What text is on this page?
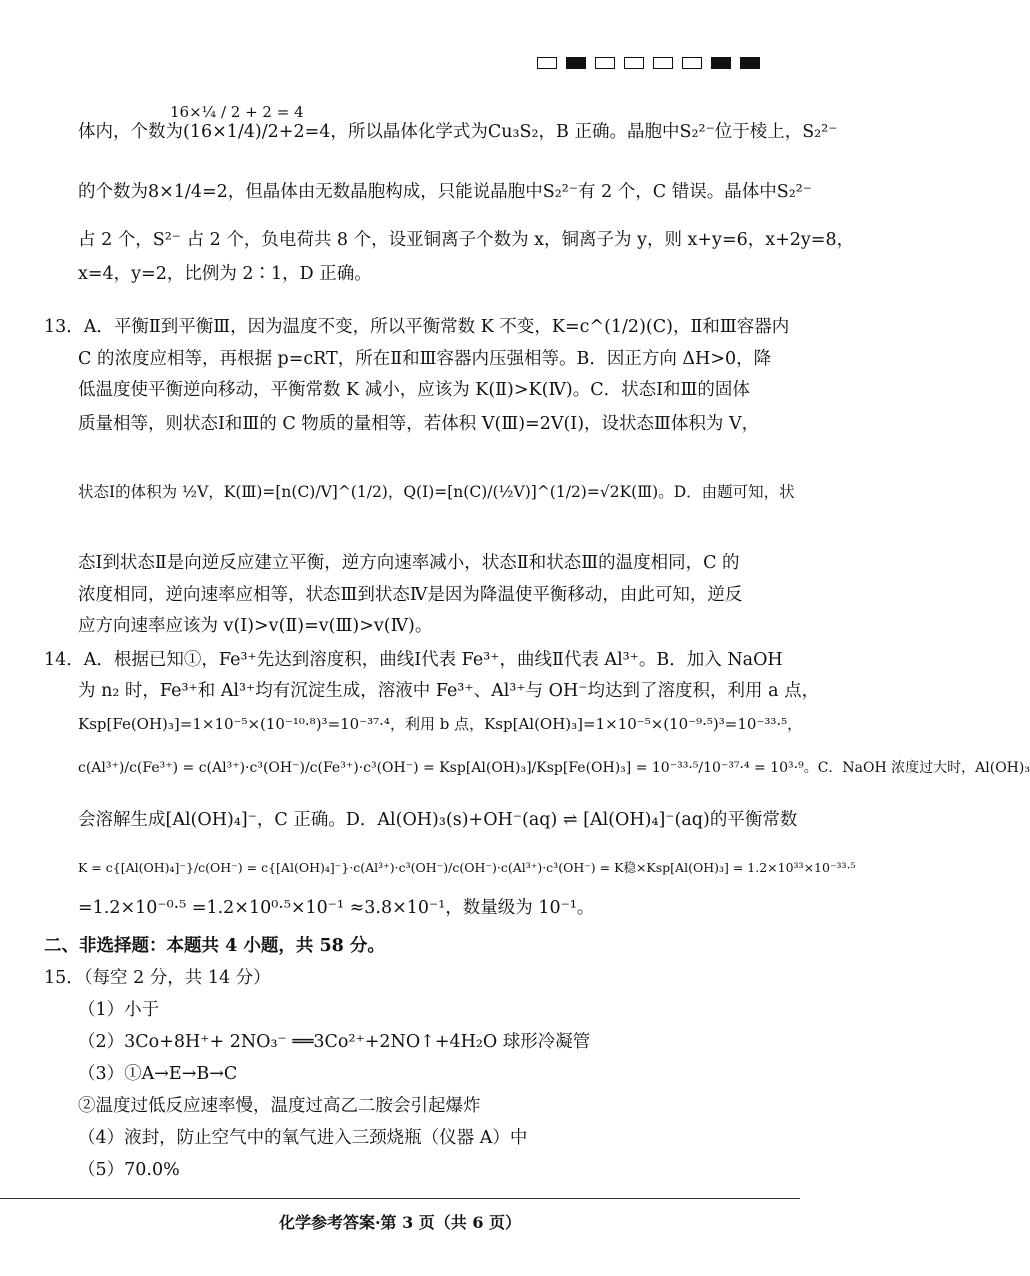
16×¼ / 2 + 2 = 4
体内，个数为(16×1/4)/2+2=4，所以晶体化学式为Cu₃S₂，B 正确。晶胞中S₂²⁻位于棱上，S₂²⁻
的个数为8×1/4=2，但晶体由无数晶胞构成，只能说晶胞中S₂²⁻有 2 个，C 错误。晶体中S₂²⁻
占 2 个，S²⁻ 占 2 个，负电荷共 8 个，设亚铜离子个数为 x，铜离子为 y，则 x+y=6，x+2y=8，
x=4，y=2，比例为 2∶1，D 正确。
13．A．平衡Ⅱ到平衡Ⅲ，因为温度不变，所以平衡常数 K 不变，K=c^(1/2)(C)，Ⅱ和Ⅲ容器内
C 的浓度应相等，再根据 p=cRT，所在Ⅱ和Ⅲ容器内压强相等。B．因正方向 ΔH>0，降
低温度使平衡逆向移动，平衡常数 K 减小，应该为 K(Ⅱ)>K(Ⅳ)。C．状态Ⅰ和Ⅲ的固体
质量相等，则状态Ⅰ和Ⅲ的 C 物质的量相等，若体积 V(Ⅲ)=2V(Ⅰ)，设状态Ⅲ体积为 V，
状态Ⅰ的体积为 ½V，K(Ⅲ)=[n(C)/V]^(1/2)，Q(Ⅰ)=[n(C)/(½V)]^(1/2)=√2K(Ⅲ)。D．由题可知，状
态Ⅰ到状态Ⅱ是向逆反应建立平衡，逆方向速率减小，状态Ⅱ和状态Ⅲ的温度相同，C 的
浓度相同，逆向速率应相等，状态Ⅲ到状态Ⅳ是因为降温使平衡移动，由此可知，逆反
应方向速率应该为 v(Ⅰ)>v(Ⅱ)=v(Ⅲ)>v(Ⅳ)。
14．A．根据已知①，Fe³⁺先达到溶度积，曲线Ⅰ代表 Fe³⁺，曲线Ⅱ代表 Al³⁺。B．加入 NaOH
为 n₂ 时，Fe³⁺和 Al³⁺均有沉淀生成，溶液中 Fe³⁺、Al³⁺与 OH⁻均达到了溶度积，利用 a 点，
Ksp[Fe(OH)₃]=1×10⁻⁵×(10⁻¹⁰·⁸)³=10⁻³⁷·⁴，利用 b 点，Ksp[Al(OH)₃]=1×10⁻⁵×(10⁻⁹·⁵)³=10⁻³³·⁵，
c(Al³⁺)/c(Fe³⁺) = c(Al³⁺)·c³(OH⁻)/c(Fe³⁺)·c³(OH⁻) = Ksp[Al(OH)₃]/Ksp[Fe(OH)₃] = 10⁻³³·⁵/10⁻³⁷·⁴ = 10³·⁹。C．NaOH 浓度过大时，Al(OH)₃
会溶解生成[Al(OH)₄]⁻，C 正确。D．Al(OH)₃(s)+OH⁻(aq) ⇌ [Al(OH)₄]⁻(aq)的平衡常数
K = c{[Al(OH)₄]⁻}/c(OH⁻) = c{[Al(OH)₄]⁻}·c(Al³⁺)·c³(OH⁻)/c(OH⁻)·c(Al³⁺)·c³(OH⁻) = K稳×Ksp[Al(OH)₃] = 1.2×10³³×10⁻³³·⁵
=1.2×10⁻⁰·⁵ =1.2×10⁰·⁵×10⁻¹ ≈3.8×10⁻¹，数量级为 10⁻¹。
二、非选择题：本题共 4 小题，共 58 分。
15．（每空 2 分，共 14 分）
（1）小于
（2）3Co+8H⁺+ 2NO₃⁻ ══3Co²⁺+2NO↑+4H₂O 球形冷凝管
（3）①A→E→B→C
②温度过低反应速率慢，温度过高乙二胺会引起爆炸
（4）液封，防止空气中的氧气进入三颈烧瓶（仪器 A）中
（5）70.0%
化学参考答案·第 3 页（共 6 页）
